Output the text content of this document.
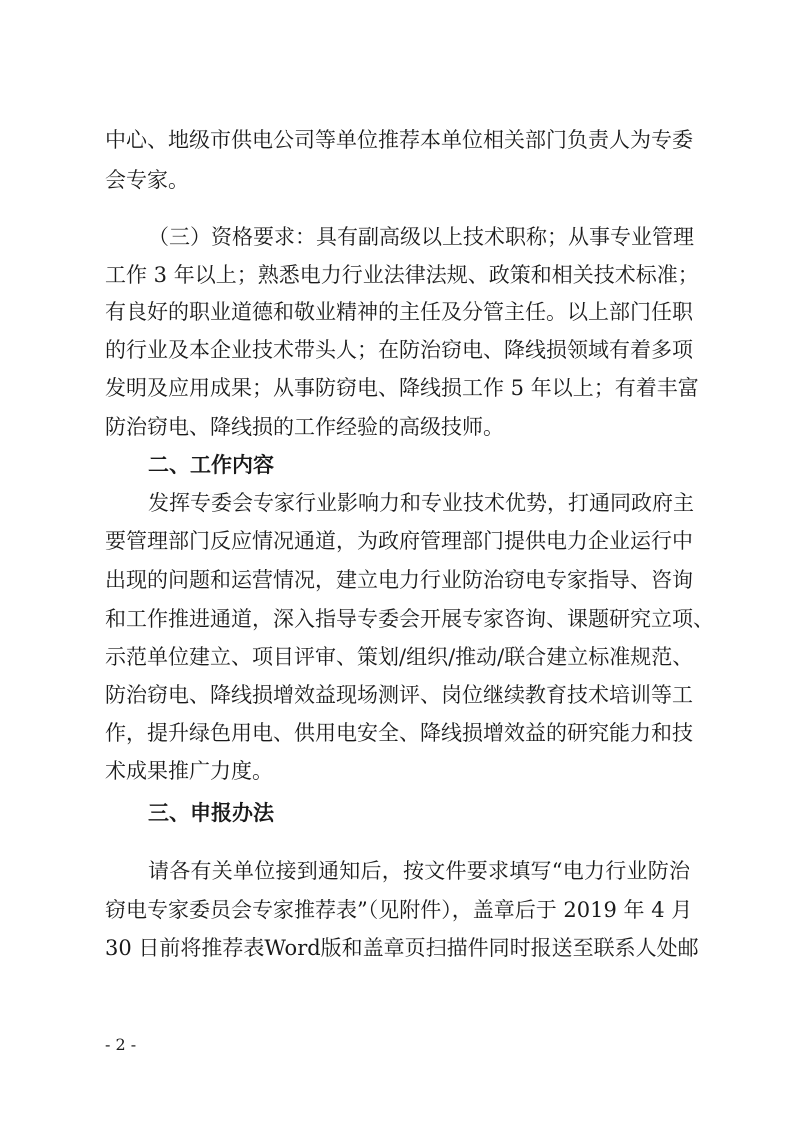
中心、地级市供电公司等单位推荐本单位相关部门负责人为专委
会专家。
（三）资格要求：具有副高级以上技术职称；从事专业管理
工作 3 年以上；熟悉电力行业法律法规、政策和相关技术标准；
有良好的职业道德和敬业精神的主任及分管主任。以上部门任职
的行业及本企业技术带头人；在防治窃电、降线损领域有着多项
发明及应用成果；从事防窃电、降线损工作 5 年以上；有着丰富
防治窃电、降线损的工作经验的高级技师。
二、工作内容
发挥专委会专家行业影响力和专业技术优势，打通同政府主
要管理部门反应情况通道，为政府管理部门提供电力企业运行中
出现的问题和运营情况，建立电力行业防治窃电专家指导、咨询
和工作推进通道，深入指导专委会开展专家咨询、课题研究立项、
示范单位建立、项目评审、策划/组织/推动/联合建立标准规范、
防治窃电、降线损增效益现场测评、岗位继续教育技术培训等工
作，提升绿色用电、供用电安全、降线损增效益的研究能力和技
术成果推广力度。
三、申报办法
请各有关单位接到通知后，按文件要求填写“电力行业防治
窃电专家委员会专家推荐表”（见附件），盖章后于 2019 年 4 月
30 日前将推荐表Word版和盖章页扫描件同时报送至联系人处邮
- 2 -
